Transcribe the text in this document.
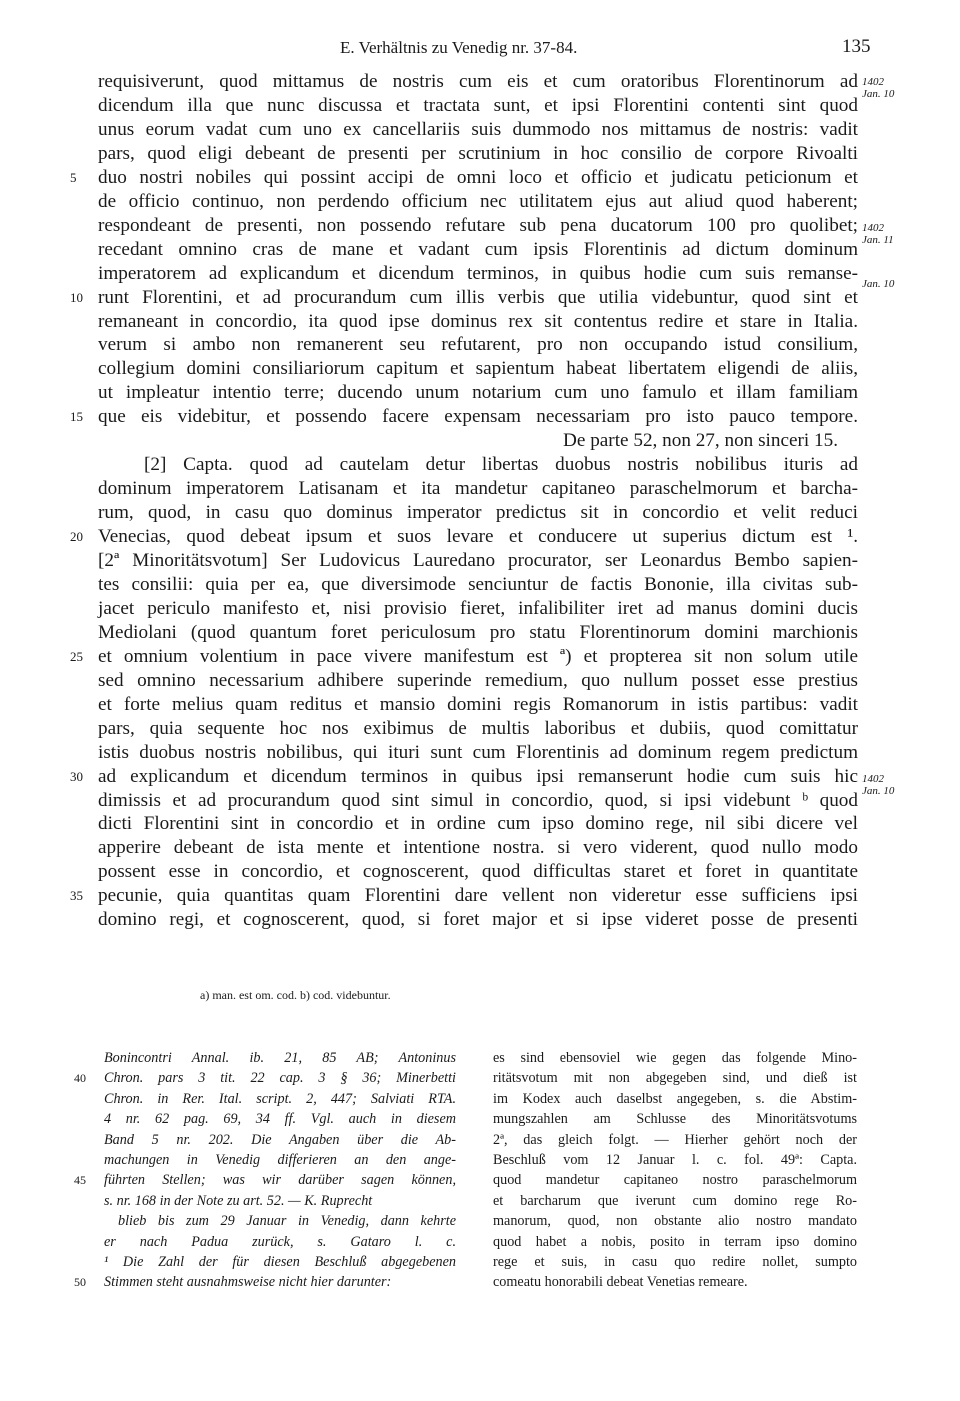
E. Verhältnis zu Venedig nr. 37-84.	135
requisiverunt, quod mittamus de nostris cum eis et cum oratoribus Florentinorum ad
dicendum illa que nunc discussa et tractata sunt, et ipsi Florentini contenti sint quod
unus eorum vadat cum uno ex cancellariis suis dummodo nos mittamus de nostris: vadit
pars, quod eligi debeant de presenti per scrutinium in hoc consilio de corpore Rivoalti
duo nostri nobiles qui possint accipi de omni loco et officio et judicatu peticionum et
5
de officio continuo, non perdendo officium nec utilitatem ejus aut aliud quod haberent;
respondeant de presenti, non possendo refutare sub pena ducatorum 100 pro quolibet;
recedant omnino cras de mane et vadant cum ipsis Florentinis ad dictum dominum
imperatorem ad explicandum et dicendum terminos, in quibus hodie cum suis remanse-
runt Florentini, et ad procurandum cum illis verbis que utilia videbuntur, quod sint et
10
remaneant in concordio, ita quod ipse dominus rex sit contentus redire et stare in Italia.
verum si ambo non remanerent seu refutarent, pro non occupando istud consilium,
collegium domini consiliariorum capitum et sapientum habeat libertatem eligendi de aliis,
ut impleatur intentio terre; ducendo unum notarium cum uno famulo et illam familiam
que eis videbitur, et possendo facere expensam necessariam pro isto pauco tempore.
15
De parte 52, non 27, non sinceri 15.
[2] Capta. quod ad cautelam detur libertas duobus nostris nobilibus ituris ad
dominum imperatorem Latisanam et ita mandetur capitaneo paraschelmorum et barcha-
rum, quod, in casu quo dominus imperator predictus sit in concordio et velit reduci
Venecias, quod debeat ipsum et suos levare et conducere ut superius dictum est ¹.
20
[2ª Minoritätsvotum] Ser Ludovicus Lauredano procurator, ser Leonardus Bembo sapien-
tes consilii: quia per ea, que diversimode senciuntur de factis Bononie, illa civitas sub-
jacet periculo manifesto et, nisi provisio fieret, infalibiliter iret ad manus domini ducis
Mediolani (quod quantum foret periculosum pro statu Florentinorum domini marchionis
et omnium volentium in pace vivere manifestum est ª) et propterea sit non solum utile
25
sed omnino necessarium adhibere superinde remedium, quo nullum posset esse prestius
et forte melius quam reditus et mansio domini regis Romanorum in istis partibus: vadit
pars, quia sequente hoc nos exibimus de multis laboribus et dubiis, quod comittatur
istis duobus nostris nobilibus, qui ituri sunt cum Florentinis ad dominum regem predictum
ad explicandum et dicendum terminos in quibus ipsi remanserunt hodie cum suis hic
30
dimissis et ad procurandum quod sint simul in concordio, quod, si ipsi videbunt ᵇ quod
dicti Florentini sint in concordio et in ordine cum ipso domino rege, nil sibi dicere vel
apperire debeant de ista mente et intentione nostra. si vero viderent, quod nullo modo
possent esse in concordio, et cognoscerent, quod difficultas staret et foret in quantitate
pecunie, quia quantitas quam Florentini dare vellent non videretur esse sufficiens ipsi
35
domino regi, et cognoscerent, quod, si foret major et si ipse videret posse de presenti
1402
Jan. 10
1402
Jan. 11
Jan. 10
1402
Jan. 10
a) man. est om. cod. b) cod. videbuntur.
Bonincontri Annal. ib. 21, 85 AB; Antoninus
Chron. pars 3 tit. 22 cap. 3 § 36; Minerbetti
Chron. in Rer. Ital. script. 2, 447; Salviati RTA.
4 nr. 62 pag. 69, 34 ff. Vgl. auch in diesem
Band 5 nr. 202. Die Angaben über die Ab-
machungen in Venedig differieren an den ange-
führten Stellen; was wir darüber sagen können,
s. nr. 168 in der Note zu art. 52. — K. Ruprecht
blieb bis zum 29 Januar in Venedig, dann kehrte
er nach Padua zurück, s. Gataro l. c.
¹ Die Zahl der für diesen Beschluß abgegebenen
Stimmen steht ausnahmsweise nicht hier darunter:
es sind ebensoviel wie gegen das folgende Mino-
ritätsvotum mit non abgegeben sind, und dieß ist
im Kodex auch daselbst angegeben, s. die Abstim-
mungszahlen am Schlusse des Minoritätsvotums
2ª, das gleich folgt. — Hierher gehört noch der
Beschluß vom 12 Januar l. c. fol. 49ª: Capta.
quod mandetur capitaneo nostro paraschelmorum
et barcharum que iverunt cum domino rege Ro-
manorum, quod, non obstante alio nostro mandato
quod habet a nobis, posito in terram ipso domino
rege et suis, in casu quo redire nollet, sumpto
comeatu honorabili debeat Venetias remeare.
40
45
50
